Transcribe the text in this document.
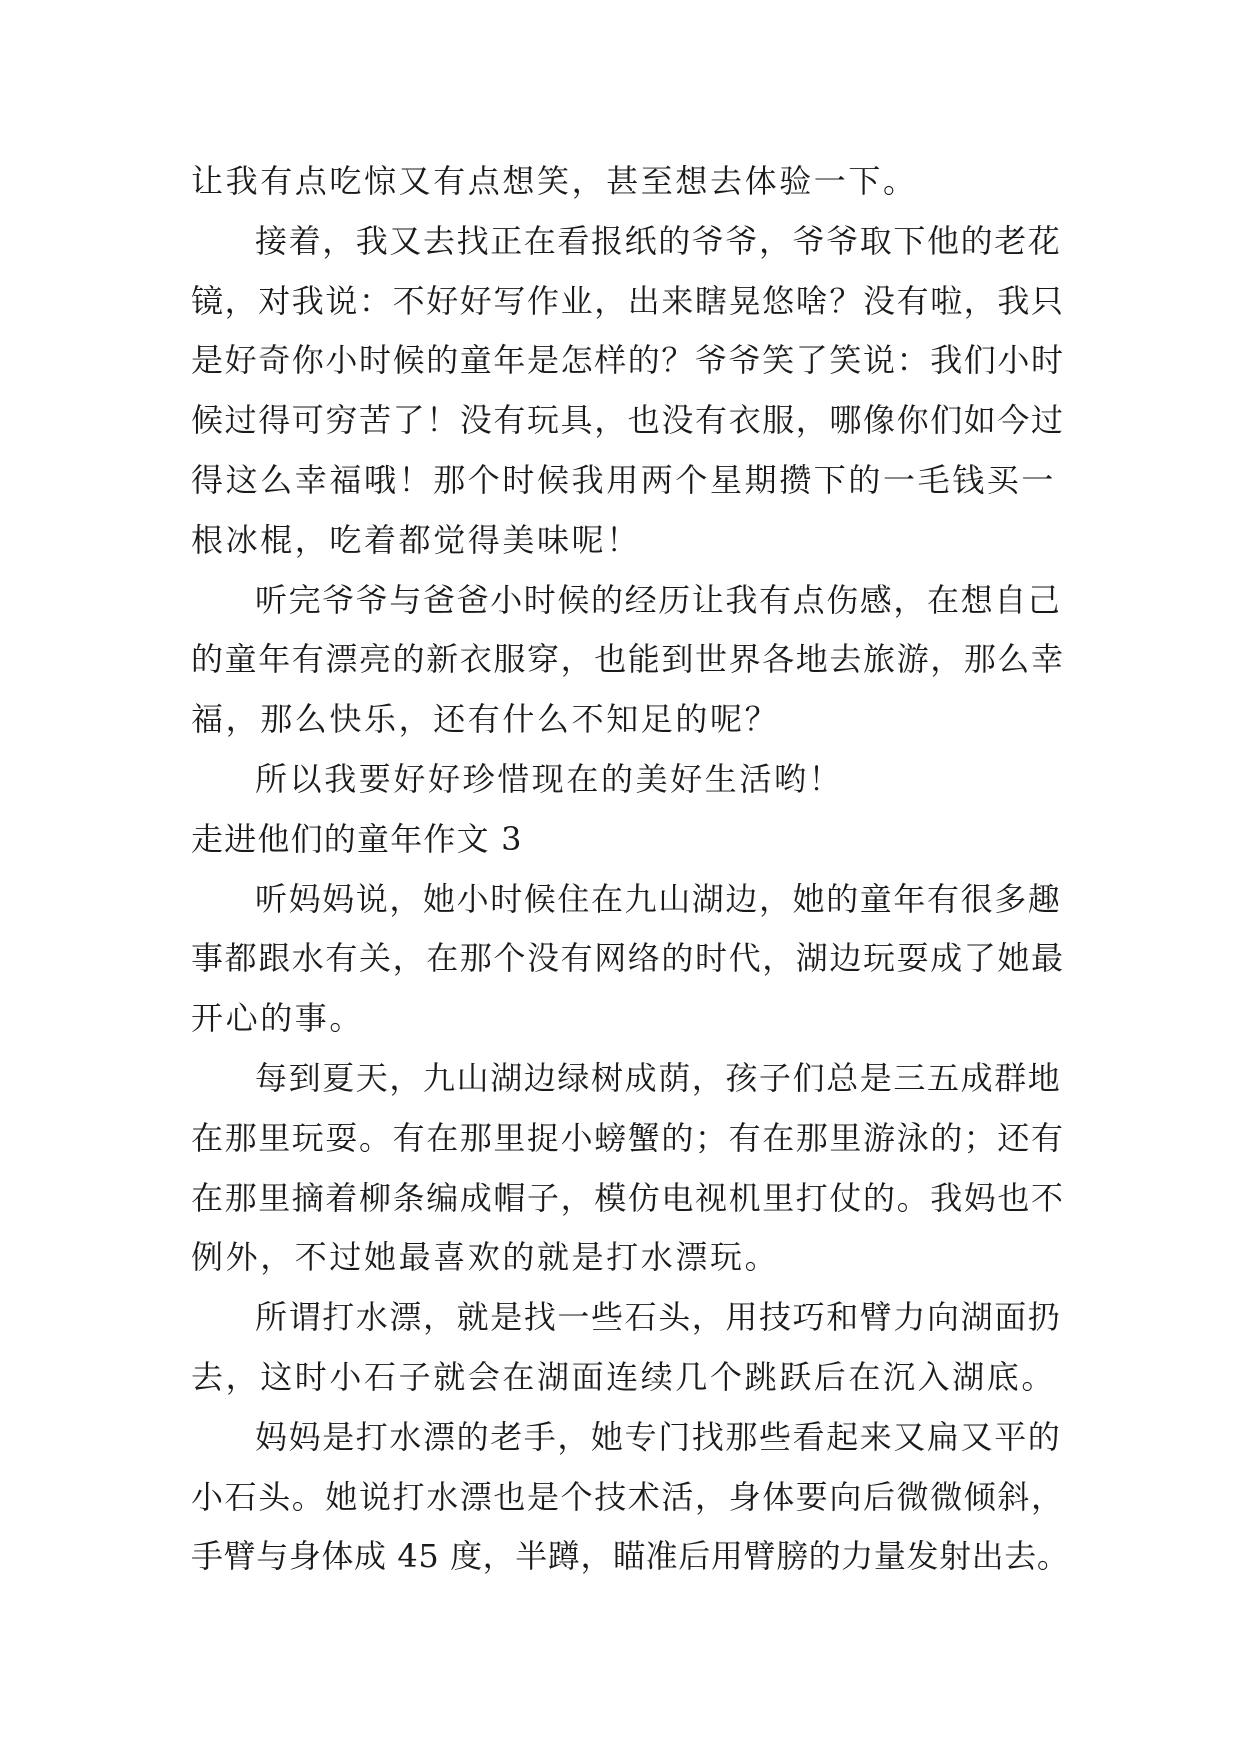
让我有点吃惊又有点想笑，甚至想去体验一下。
接着，我又去找正在看报纸的爷爷，爷爷取下他的老花
镜，对我说：不好好写作业，出来瞎晃悠啥？没有啦，我只
是好奇你小时候的童年是怎样的？爷爷笑了笑说：我们小时
候过得可穷苦了！没有玩具，也没有衣服，哪像你们如今过
得这么幸福哦！那个时候我用两个星期攒下的一毛钱买一
根冰棍，吃着都觉得美味呢！
听完爷爷与爸爸小时候的经历让我有点伤感，在想自己
的童年有漂亮的新衣服穿，也能到世界各地去旅游，那么幸
福，那么快乐，还有什么不知足的呢？
所以我要好好珍惜现在的美好生活哟！
走进他们的童年作文 3
听妈妈说，她小时候住在九山湖边，她的童年有很多趣
事都跟水有关，在那个没有网络的时代，湖边玩耍成了她最
开心的事。
每到夏天，九山湖边绿树成荫，孩子们总是三五成群地
在那里玩耍。有在那里捉小螃蟹的；有在那里游泳的；还有
在那里摘着柳条编成帽子，模仿电视机里打仗的。我妈也不
例外，不过她最喜欢的就是打水漂玩。
所谓打水漂，就是找一些石头，用技巧和臂力向湖面扔
去，这时小石子就会在湖面连续几个跳跃后在沉入湖底。
妈妈是打水漂的老手，她专门找那些看起来又扁又平的
小石头。她说打水漂也是个技术活，身体要向后微微倾斜，
手臂与身体成 45 度，半蹲，瞄准后用臂膀的力量发射出去。
